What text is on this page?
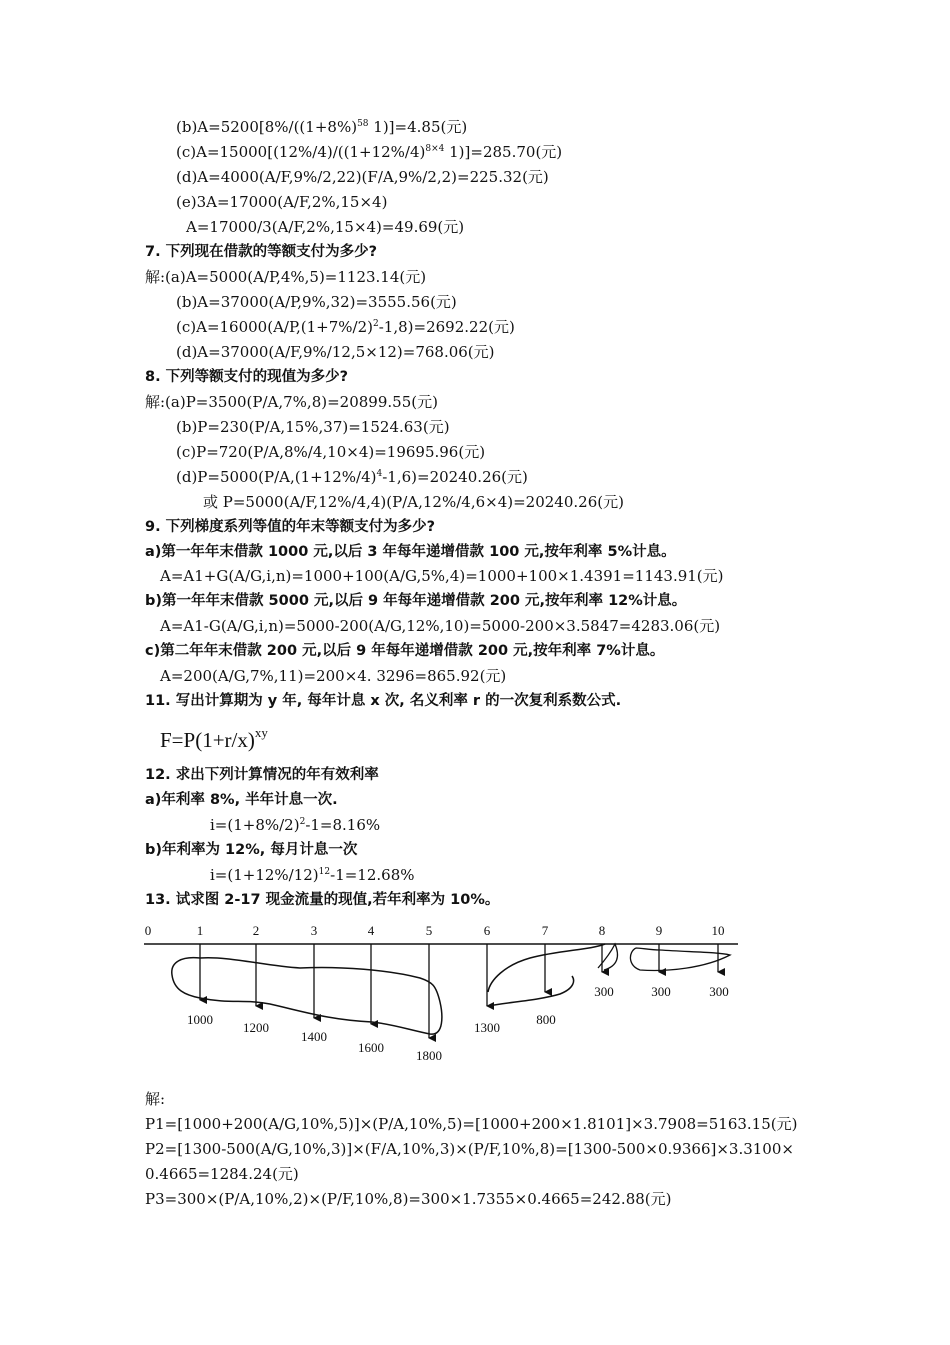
$(b)A=5200[8\%/((1+8\%)^{58}$ 1)]=4.85(元)
$(c)A=15000[(12\%/4)/((1+12\%/4)^{8\times 4}$ 1)]=285.70(元)
(d)A=4000(A/F,9%/2,22)(F/A,9%/2,2)=225.32(元)
(e)3A=17000(A/F,2%,15×4)
A=17000/3(A/F,2%,15×4)=49.69(元)
7. 下列现在借款的等额支付为多少?
解:(a)A=5000(A/P,4%,5)=1123.14(元)
(b)A=37000(A/P,9%,32)=3555.56(元)
$(c)A=16000(A/P,(1+7\%/2)^2-1,8)=2692.22$(元)
(d)A=37000(A/F,9%/12,5×12)=768.06(元)
8. 下列等额支付的现值为多少?
解:(a)P=3500(P/A,7%,8)=20899.55(元)
(b)P=230(P/A,15%,37)=1524.63(元)
(c)P=720(P/A,8%/4,10×4)=19695.96(元)
$(d)P=5000(P/A,(1+12\%/4)^4-1,6)=20240.26$(元)
或 P=5000(A/F,12%/4,4)(P/A,12%/4,6×4)=20240.26(元)
9. 下列梯度系列等值的年末等额支付为多少?
a)第一年年末借款 1000 元,以后 3 年每年递增借款 100 元,按年利率 5%计息。
A=A1+G(A/G,i,n)=1000+100(A/G,5%,4)=1000+100×1.4391=1143.91(元)
b)第一年年末借款 5000 元,以后 9 年每年递增借款 200 元,按年利率 12%计息。
A=A1-G(A/G,i,n)=5000-200(A/G,12%,10)=5000-200×3.5847=4283.06(元)
c)第二年年末借款 200 元,以后 9 年每年递增借款 200 元,按年利率 7%计息。
A=200(A/G,7%,11)=200×4. 3296=865.92(元)
11. 写出计算期为 y 年, 每年计息 x 次, 名义利率 r 的一次复利系数公式.
$F=P(1+r/x)^{xy}$
12. 求出下列计算情况的年有效利率
a)年利率 8%, 半年计息一次.
$i=(1+8\%/2)^2-1=8.16\%$
b)年利率为 12%, 每月计息一次
$i=(1+12\%/12)^{12}-1=12.68\%$
13. 试求图 2-17 现金流量的现值,若年利率为 10%。
0	1	2	3	4	5	6	7	8	9	10
1000
1200
1400
1600
1800
1300
800
300	300	300
解:
P1=[1000+200(A/G,10%,5)]×(P/A,10%,5)=[1000+200×1.8101]×3.7908=5163.15(元)
P2=[1300-500(A/G,10%,3)]×(F/A,10%,3)×(P/F,10%,8)=[1300-500×0.9366]×3.3100×
0.4665=1284.24(元)
P3=300×(P/A,10%,2)×(P/F,10%,8)=300×1.7355×0.4665=242.88(元)
